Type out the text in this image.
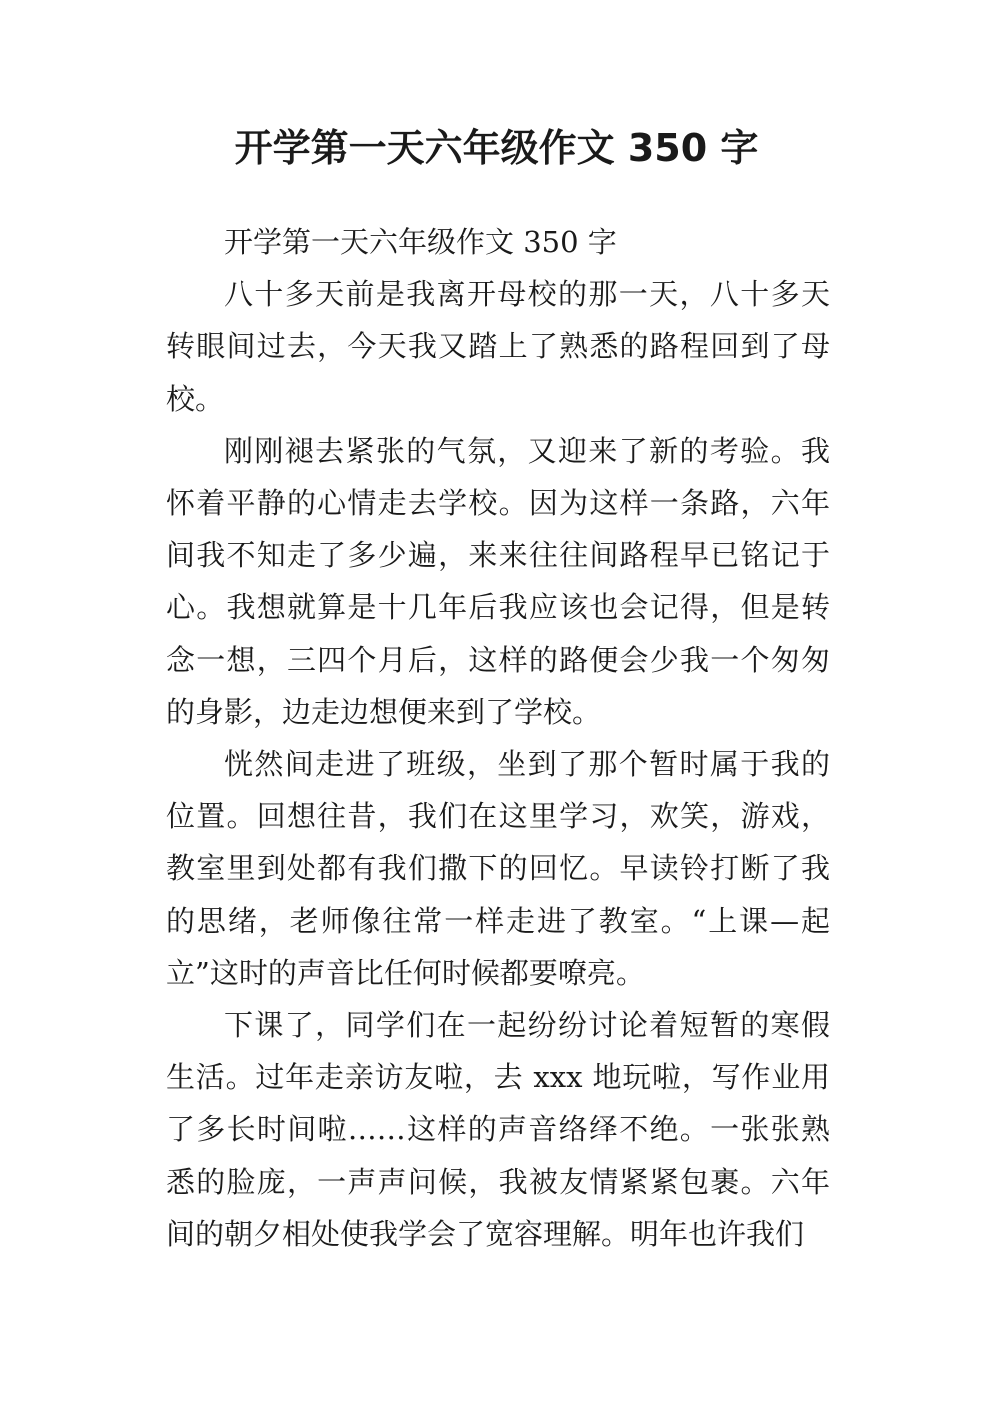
开学第一天六年级作文 350 字

开学第一天六年级作文 350 字

八十多天前是我离开母校的那一天，八十多天转眼间过去，今天我又踏上了熟悉的路程回到了母校。

刚刚褪去紧张的气氛，又迎来了新的考验。我怀着平静的心情走去学校。因为这样一条路，六年间我不知走了多少遍，来来往往间路程早已铭记于心。我想就算是十几年后我应该也会记得，但是转念一想，三四个月后，这样的路便会少我一个匆匆的身影，边走边想便来到了学校。

恍然间走进了班级，坐到了那个暂时属于我的位置。回想往昔，我们在这里学习，欢笑，游戏，教室里到处都有我们撒下的回忆。早读铃打断了我的思绪，老师像往常一样走进了教室。“上课—起立”这时的声音比任何时候都要嘹亮。

下课了，同学们在一起纷纷讨论着短暂的寒假生活。过年走亲访友啦，去 xxx 地玩啦，写作业用了多长时间啦……这样的声音络绎不绝。一张张熟悉的脸庞，一声声问候，我被友情紧紧包裹。六年间的朝夕相处使我学会了宽容理解。明年也许我们
